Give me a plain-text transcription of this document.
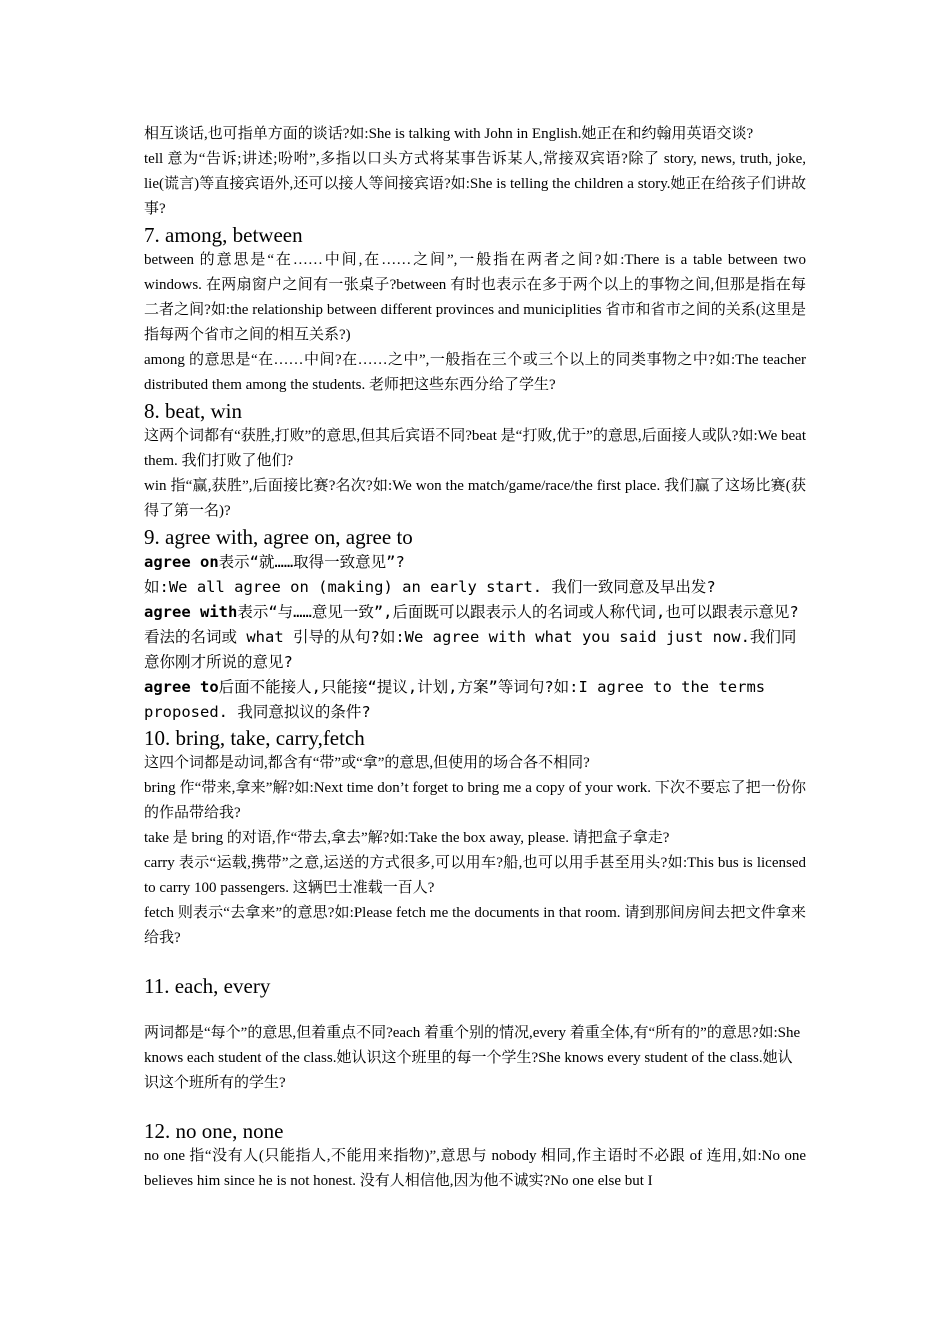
相互谈话,也可指单方面的谈话?如:She is talking with John in English.她正在和约翰用英语交谈?

tell 意为“告诉;讲述;吩咐”,多指以口头方式将某事告诉某人,常接双宾语?除了 story, news, truth, joke, lie(谎言)等直接宾语外,还可以接人等间接宾语?如:She is telling the children a story.她正在给孩子们讲故事?

7. among, between

between 的意思是“在……中间,在……之间”,一般指在两者之间?如:There is a table between two windows. 在两扇窗户之间有一张桌子?between 有时也表示在多于两个以上的事物之间,但那是指在每二者之间?如:the relationship between different provinces and municiplities 省市和省市之间的关系(这里是指每两个省市之间的相互关系?)

among 的意思是“在……中间?在……之中”,一般指在三个或三个以上的同类事物之中?如:The teacher distributed them among the students. 老师把这些东西分给了学生?

8. beat, win

这两个词都有“获胜,打败”的意思,但其后宾语不同?beat 是“打败,优于”的意思,后面接人或队?如:We beat them. 我们打败了他们?

win 指“赢,获胜”,后面接比赛?名次?如:We won the match/game/race/the first place. 我们赢了这场比赛(获得了第一名)?

9. agree with, agree on, agree to

agree on表示“就……取得一致意见”?

如:We all agree on (making) an early start. 我们一致同意及早出发?

agree with表示“与……意见一致”,后面既可以跟表示人的名词或人称代词,也可以跟表示意见?看法的名词或 what 引导的从句?如:We agree with what you said just now.我们同意你刚才所说的意见?

agree to后面不能接人,只能接“提议,计划,方案”等词句?如:I agree to the terms proposed. 我同意拟议的条件?

10. bring, take, carry,fetch

这四个词都是动词,都含有“带”或“拿”的意思,但使用的场合各不相同?

bring 作“带来,拿来”解?如:Next time don’t forget to bring me a copy of your work. 下次不要忘了把一份你的作品带给我?

take 是 bring 的对语,作“带去,拿去”解?如:Take the box away, please. 请把盒子拿走?

carry 表示“运载,携带”之意,运送的方式很多,可以用车?船,也可以用手甚至用头?如:This bus is licensed to carry 100 passengers. 这辆巴士准载一百人?

fetch 则表示“去拿来”的意思?如:Please fetch me the documents in that room. 请到那间房间去把文件拿来给我?

11. each, every

两词都是“每个”的意思,但着重点不同?each 着重个别的情况,every 着重全体,有“所有的”的意思?如:She knows each student of the class.她认识这个班里的每一个学生?She knows every student of the class.她认识这个班所有的学生?

12. no one, none

no one 指“没有人(只能指人,不能用来指物)”,意思与 nobody 相同,作主语时不必跟 of 连用,如:No one believes him since he is not honest. 没有人相信他,因为他不诚实?No one else but I
